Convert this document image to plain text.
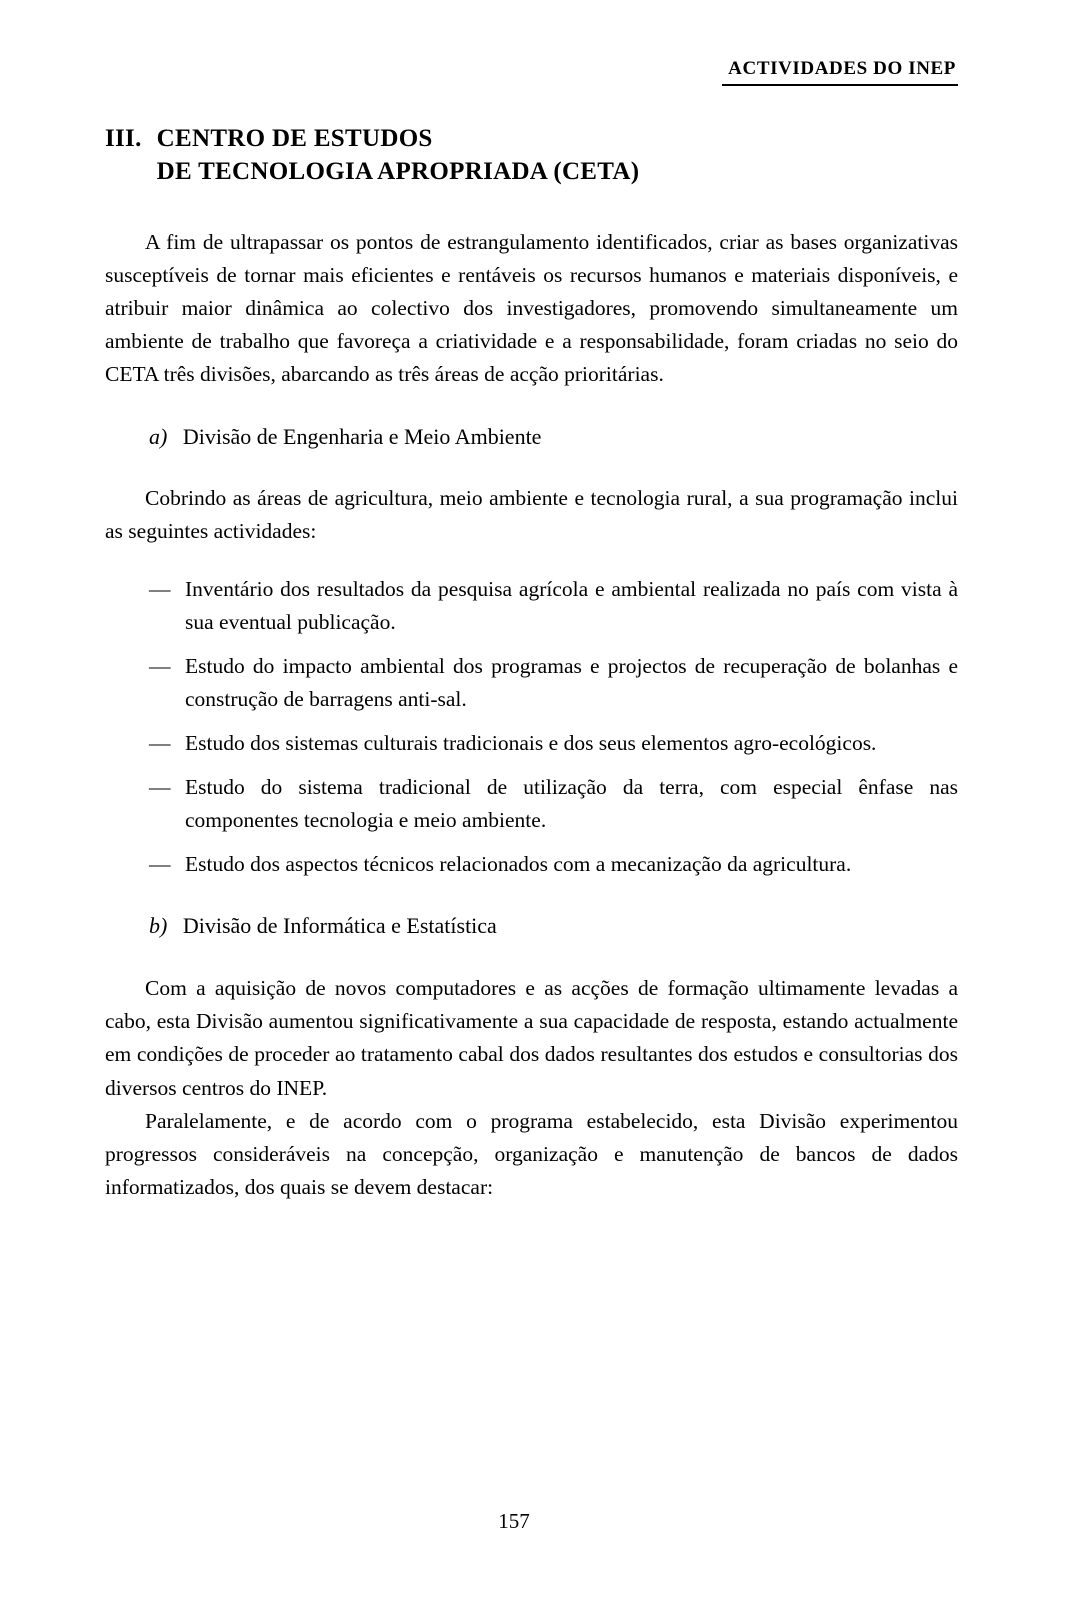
ACTIVIDADES DO INEP
III. CENTRO DE ESTUDOS
DE TECNOLOGIA APROPRIADA (CETA)

A fim de ultrapassar os pontos de estrangulamento identificados, criar as bases organizativas susceptíveis de tornar mais eficientes e rentáveis os recursos humanos e materiais disponíveis, e atribuir maior dinâmica ao colectivo dos investigadores, promovendo simultaneamente um ambiente de trabalho que favoreça a criatividade e a responsabilidade, foram criadas no seio do CETA três divisões, abarcando as três áreas de acção prioritárias.

a) Divisão de Engenharia e Meio Ambiente

Cobrindo as áreas de agricultura, meio ambiente e tecnologia rural, a sua programação inclui as seguintes actividades:

— Inventário dos resultados da pesquisa agrícola e ambiental realizada no país com vista à sua eventual publicação.
— Estudo do impacto ambiental dos programas e projectos de recuperação de bolanhas e construção de barragens anti-sal.
— Estudo dos sistemas culturais tradicionais e dos seus elementos agro-ecológicos.
— Estudo do sistema tradicional de utilização da terra, com especial ênfase nas componentes tecnologia e meio ambiente.
— Estudo dos aspectos técnicos relacionados com a mecanização da agricultura.
b) Divisão de Informática e Estatística

Com a aquisição de novos computadores e as acções de formação ultimamente levadas a cabo, esta Divisão aumentou significativamente a sua capacidade de resposta, estando actualmente em condições de proceder ao tratamento cabal dos dados resultantes dos estudos e consultorias dos diversos centros do INEP.

Paralelamente, e de acordo com o programa estabelecido, esta Divisão experimentou progressos consideráveis na concepção, organização e manutenção de bancos de dados informatizados, dos quais se devem destacar:

157
